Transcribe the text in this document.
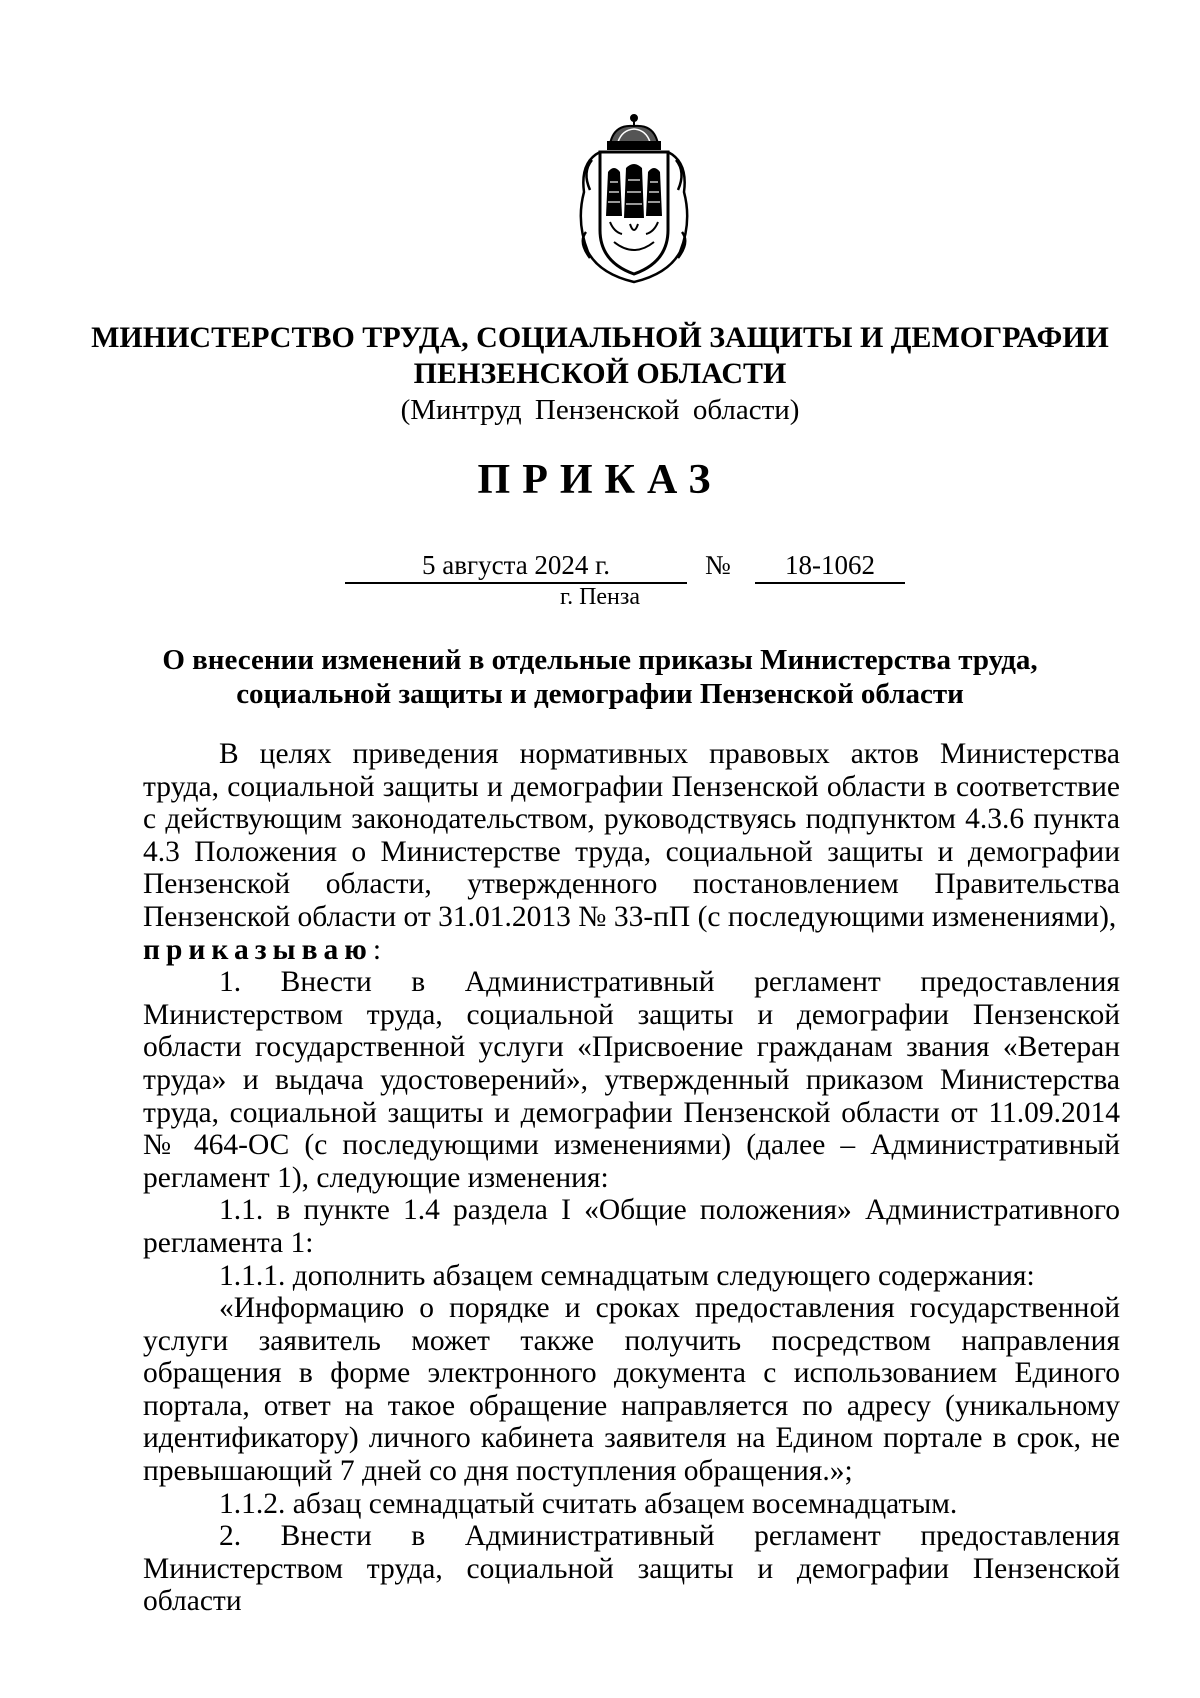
МИНИСТЕРСТВО ТРУДА, СОЦИАЛЬНОЙ ЗАЩИТЫ И ДЕМОГРАФИИ
ПЕНЗЕНСКОЙ ОБЛАСТИ
(Минтруд Пензенской области)
ПРИКАЗ
5 августа 2024 г.	№	18-1062
г. Пенза
О внесении изменений в отдельные приказы Министерства труда,
социальной защиты и демографии Пензенской области

В целях приведения нормативных правовых актов Министерства труда, социальной защиты и демографии Пензенской области в соответствие с действующим законодательством, руководствуясь подпунктом 4.3.6 пункта 4.3 Положения о Министерстве труда, социальной защиты и демографии Пензенской области, утвержденного постановлением Правительства Пензенской области от 31.01.2013 № 33-пП (с последующими изменениями),
приказываю:

1. Внести в Административный регламент предоставления Министерством труда, социальной защиты и демографии Пензенской области государственной услуги «Присвоение гражданам звания «Ветеран труда» и выдача удостоверений», утвержденный приказом Министерства труда, социальной защиты и демографии Пензенской области от 11.09.2014 № 464-ОС (с последующими изменениями) (далее – Административный регламент 1), следующие изменения:

1.1. в пункте 1.4 раздела I «Общие положения» Административного регламента 1:

1.1.1. дополнить абзацем семнадцатым следующего содержания:

«Информацию о порядке и сроках предоставления государственной услуги заявитель может также получить посредством направления обращения в форме электронного документа с использованием Единого портала, ответ на такое обращение направляется по адресу (уникальному идентификатору) личного кабинета заявителя на Едином портале в срок, не превышающий 7 дней со дня поступления обращения.»;

1.1.2. абзац семнадцатый считать абзацем восемнадцатым.

2. Внести в Административный регламент предоставления Министерством труда, социальной защиты и демографии Пензенской области
